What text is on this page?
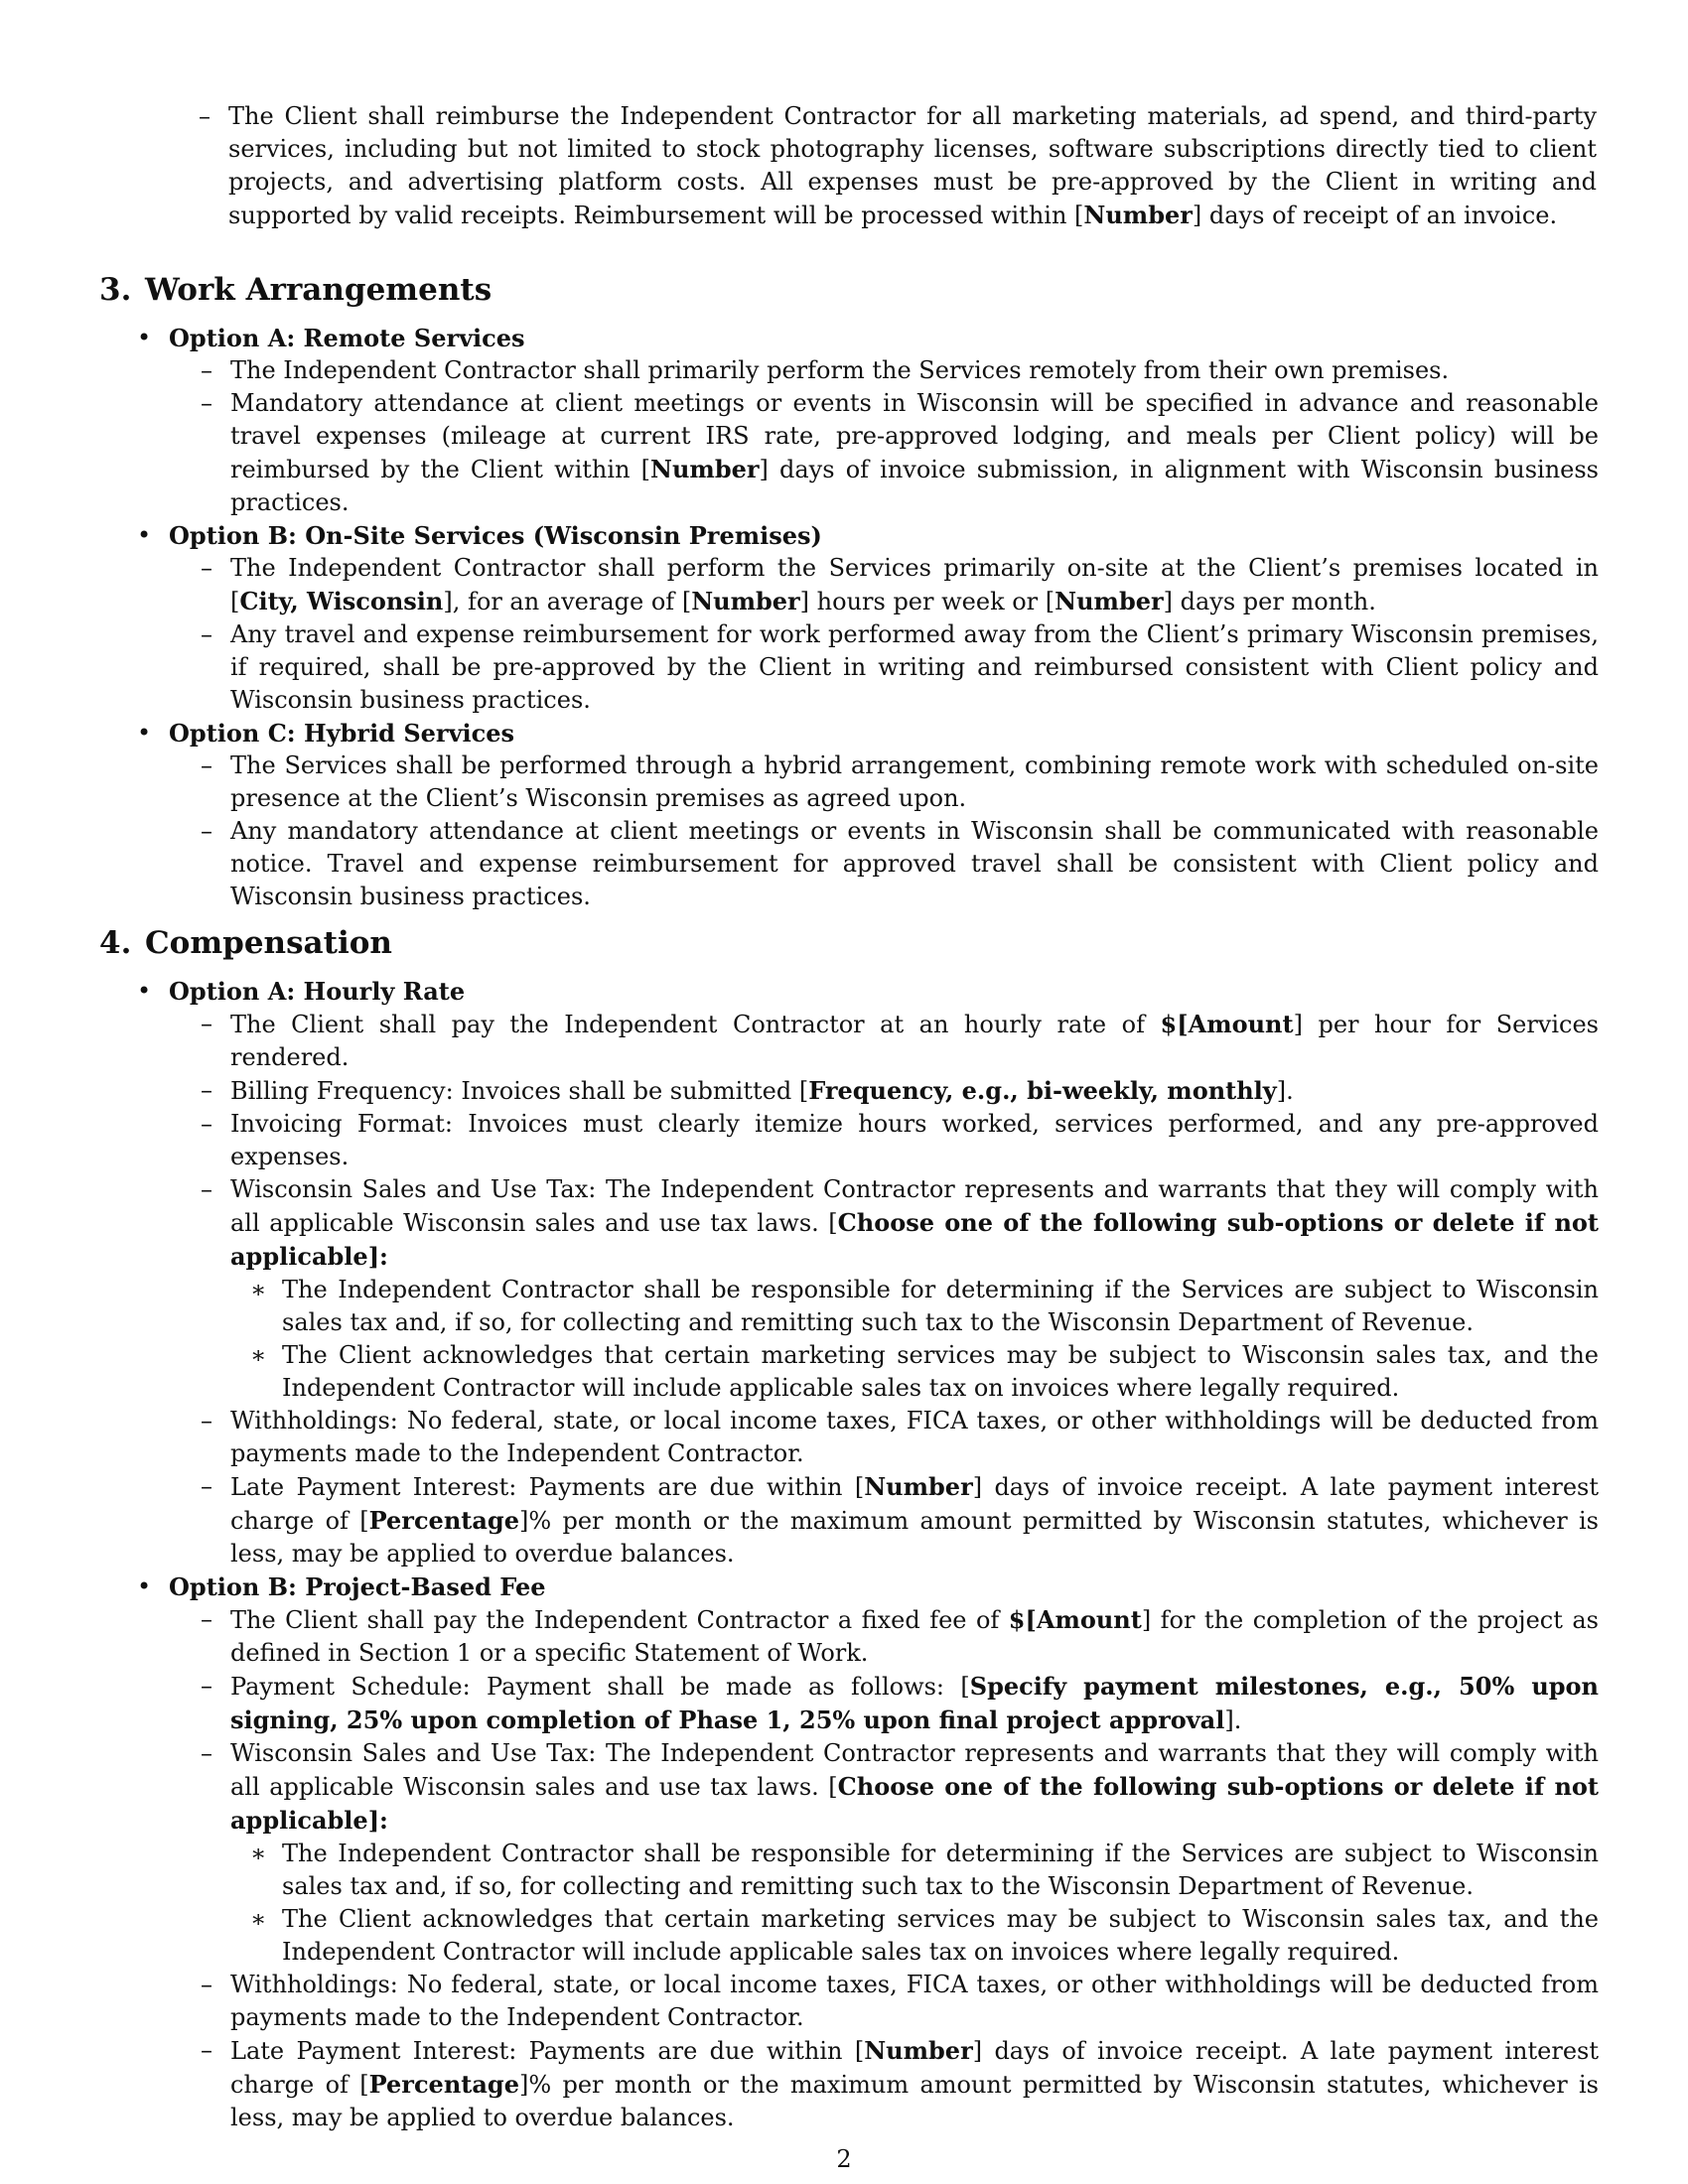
– The Client shall reimburse the Independent Contractor for all marketing materials, ad spend, and third-party services, including but not limited to stock photography licenses, software subscriptions directly tied to client projects, and advertising platform costs. All expenses must be pre-approved by the Client in writing and supported by valid receipts. Reimbursement will be processed within [Number] days of receipt of an invoice.
3. Work Arrangements
• Option A: Remote Services
– The Independent Contractor shall primarily perform the Services remotely from their own premises.
– Mandatory attendance at client meetings or events in Wisconsin will be specified in advance and reasonable travel expenses (mileage at current IRS rate, pre-approved lodging, and meals per Client policy) will be reimbursed by the Client within [Number] days of invoice submission, in alignment with Wisconsin business practices.
• Option B: On-Site Services (Wisconsin Premises)
– The Independent Contractor shall perform the Services primarily on-site at the Client’s premises located in [City, Wisconsin], for an average of [Number] hours per week or [Number] days per month.
– Any travel and expense reimbursement for work performed away from the Client’s primary Wisconsin premises, if required, shall be pre-approved by the Client in writing and reimbursed consistent with Client policy and Wisconsin business practices.
• Option C: Hybrid Services
– The Services shall be performed through a hybrid arrangement, combining remote work with scheduled on-site presence at the Client’s Wisconsin premises as agreed upon.
– Any mandatory attendance at client meetings or events in Wisconsin shall be communicated with reasonable notice. Travel and expense reimbursement for approved travel shall be consistent with Client policy and Wisconsin business practices.
4. Compensation
• Option A: Hourly Rate
– The Client shall pay the Independent Contractor at an hourly rate of $[Amount] per hour for Services rendered.
– Billing Frequency: Invoices shall be submitted [Frequency, e.g., bi-weekly, monthly].
– Invoicing Format: Invoices must clearly itemize hours worked, services performed, and any pre-approved expenses.
– Wisconsin Sales and Use Tax: The Independent Contractor represents and warrants that they will comply with all applicable Wisconsin sales and use tax laws. [Choose one of the following sub-options or delete if not applicable]:
∗ The Independent Contractor shall be responsible for determining if the Services are subject to Wisconsin sales tax and, if so, for collecting and remitting such tax to the Wisconsin Department of Revenue.
∗ The Client acknowledges that certain marketing services may be subject to Wisconsin sales tax, and the Independent Contractor will include applicable sales tax on invoices where legally required.
– Withholdings: No federal, state, or local income taxes, FICA taxes, or other withholdings will be deducted from payments made to the Independent Contractor.
– Late Payment Interest: Payments are due within [Number] days of invoice receipt. A late payment interest charge of [Percentage]% per month or the maximum amount permitted by Wisconsin statutes, whichever is less, may be applied to overdue balances.
• Option B: Project-Based Fee
– The Client shall pay the Independent Contractor a fixed fee of $[Amount] for the completion of the project as defined in Section 1 or a specific Statement of Work.
– Payment Schedule: Payment shall be made as follows: [Specify payment milestones, e.g., 50% upon signing, 25% upon completion of Phase 1, 25% upon final project approval].
– Wisconsin Sales and Use Tax: The Independent Contractor represents and warrants that they will comply with all applicable Wisconsin sales and use tax laws. [Choose one of the following sub-options or delete if not applicable]:
∗ The Independent Contractor shall be responsible for determining if the Services are subject to Wisconsin sales tax and, if so, for collecting and remitting such tax to the Wisconsin Department of Revenue.
∗ The Client acknowledges that certain marketing services may be subject to Wisconsin sales tax, and the Independent Contractor will include applicable sales tax on invoices where legally required.
– Withholdings: No federal, state, or local income taxes, FICA taxes, or other withholdings will be deducted from payments made to the Independent Contractor.
– Late Payment Interest: Payments are due within [Number] days of invoice receipt. A late payment interest charge of [Percentage]% per month or the maximum amount permitted by Wisconsin statutes, whichever is less, may be applied to overdue balances.
2
